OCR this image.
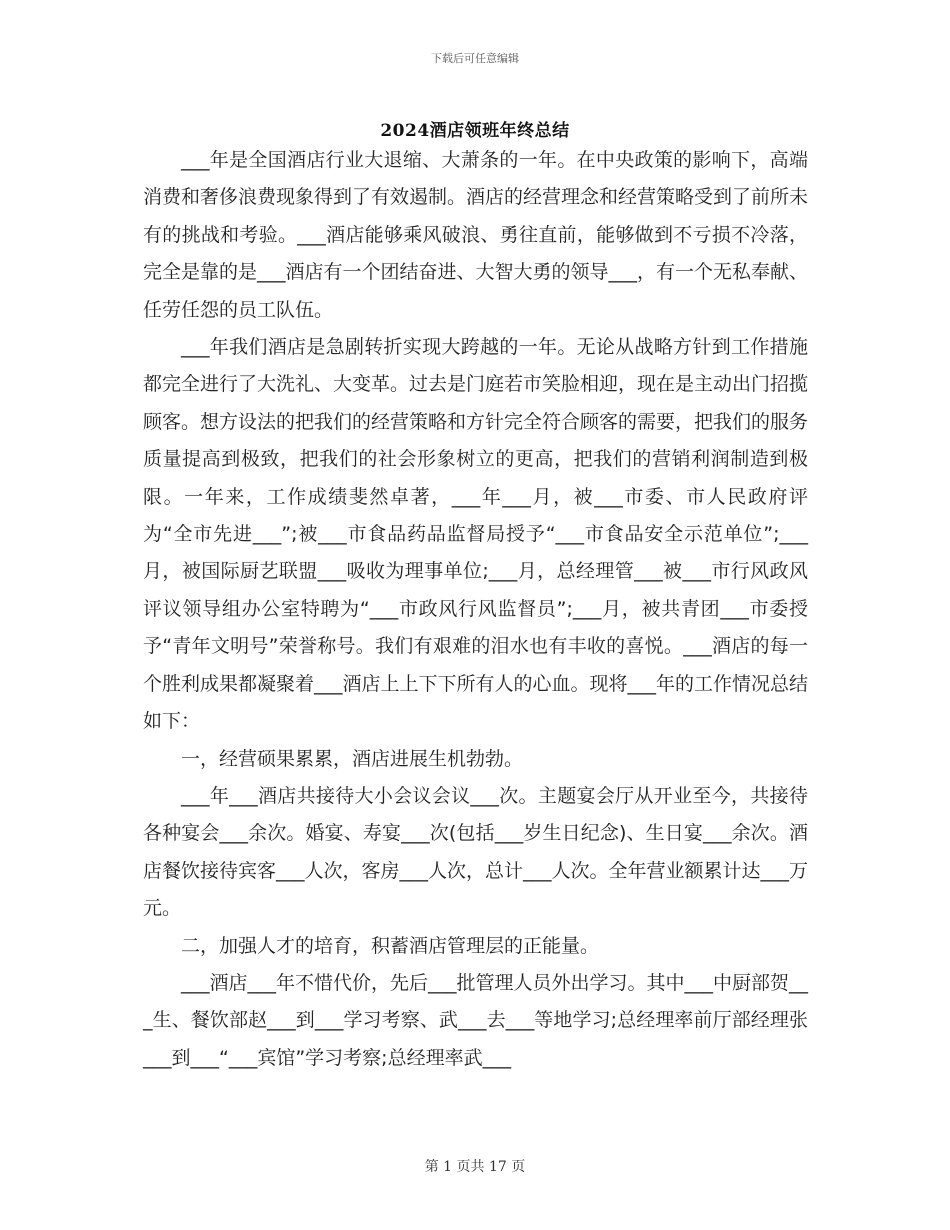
下载后可任意编辑
2024酒店领班年终总结

___年是全国酒店行业大退缩、大萧条的一年。在中央政策的影响下，高端消费和奢侈浪费现象得到了有效遏制。酒店的经营理念和经营策略受到了前所未有的挑战和考验。___酒店能够乘风破浪、勇往直前，能够做到不亏损不冷落，完全是靠的是___酒店有一个团结奋进、大智大勇的领导___，有一个无私奉献、任劳任怨的员工队伍。

___年我们酒店是急剧转折实现大跨越的一年。无论从战略方针到工作措施都完全进行了大洗礼、大变革。过去是门庭若市笑脸相迎，现在是主动出门招揽顾客。想方设法的把我们的经营策略和方针完全符合顾客的需要，把我们的服务质量提高到极致，把我们的社会形象树立的更高，把我们的营销利润制造到极限。一年来，工作成绩斐然卓著，___年___月，被___市委、市人民政府评为“全市先进___”;被___市食品药品监督局授予“___市食品安全示范单位”;___月，被国际厨艺联盟___吸收为理事单位;___月，总经理管___被___市行风政风评议领导组办公室特聘为“___市政风行风监督员”;___月，被共青团___市委授予“青年文明号”荣誉称号。我们有艰难的泪水也有丰收的喜悦。___酒店的每一个胜利成果都凝聚着___酒店上上下下所有人的心血。现将___年的工作情况总结如下：

一，经营硕果累累，酒店进展生机勃勃。

___年___酒店共接待大小会议会议___次。主题宴会厅从开业至今，共接待各种宴会___余次。婚宴、寿宴___次(包括___岁生日纪念)、生日宴___余次。酒店餐饮接待宾客___人次，客房___人次，总计___人次。全年营业额累计达___万元。

二，加强人才的培育，积蓄酒店管理层的正能量。

___酒店___年不惜代价，先后___批管理人员外出学习。其中___中厨部贺___生、餐饮部赵___到___学习考察、武___去___等地学习;总经理率前厅部经理张___到___“___宾馆”学习考察;总经理率武___

第 1 页共 17 页
